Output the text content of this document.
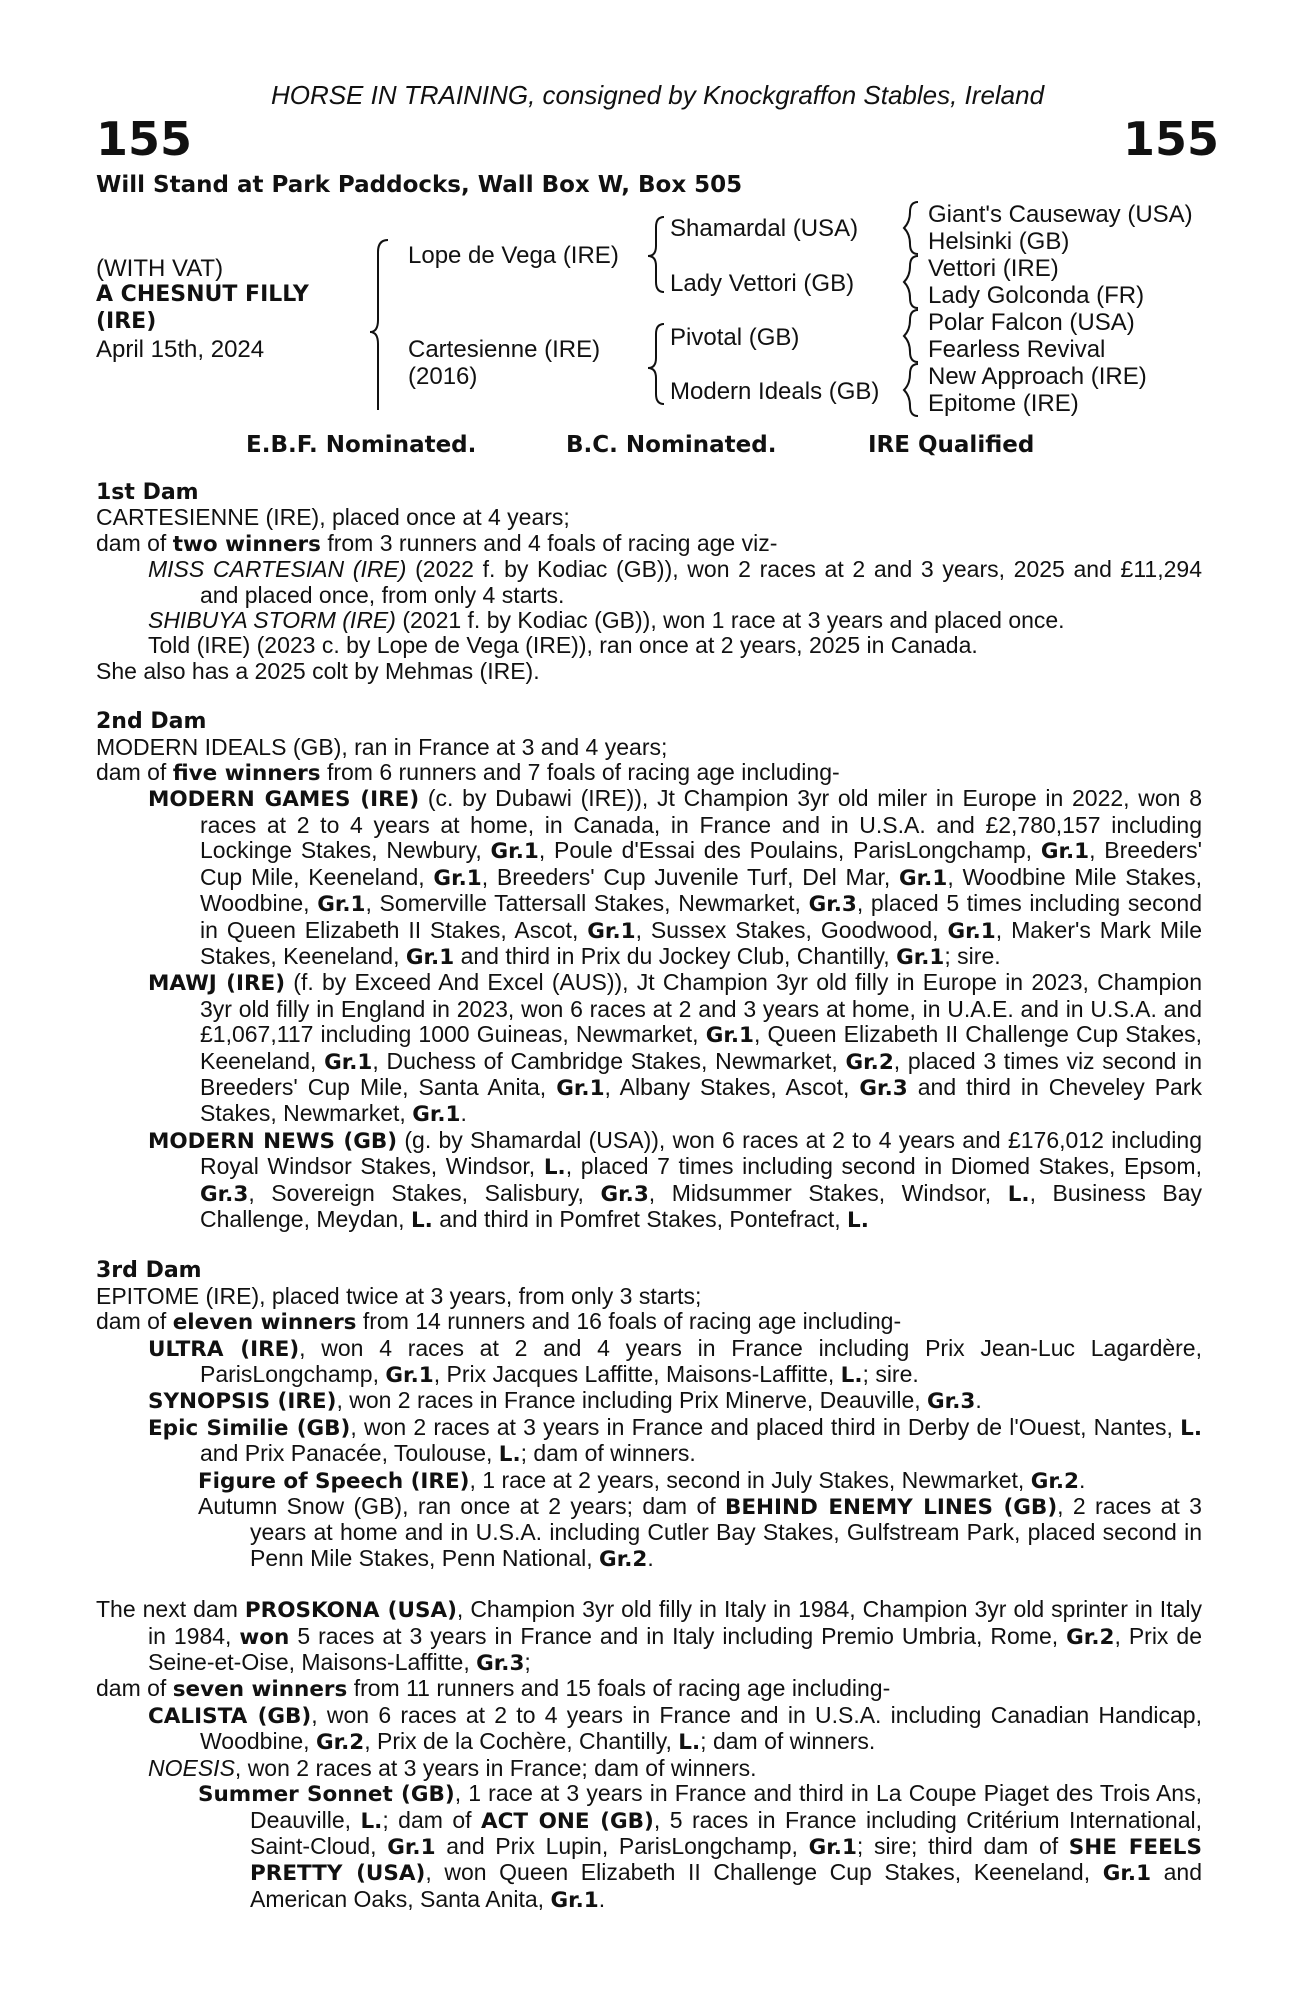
HORSE IN TRAINING, consigned by Knockgraffon Stables, Ireland
155	155
Will Stand at Park Paddocks, Wall Box W, Box 505
(WITH VAT)
A CHESNUT FILLY
(IRE)
April 15th, 2024
Lope de Vega (IRE)
Cartesienne (IRE)
(2016)
Shamardal (USA)
Lady Vettori (GB)
Pivotal (GB)
Modern Ideals (GB)
Giant's Causeway (USA)
Helsinki (GB)
Vettori (IRE)
Lady Golconda (FR)
Polar Falcon (USA)
Fearless Revival
New Approach (IRE)
Epitome (IRE)
E.B.F. Nominated.	B.C. Nominated.	IRE Qualified

1st Dam

CARTESIENNE (IRE), placed once at 4 years;

dam of two winners from 3 runners and 4 foals of racing age viz-

MISS CARTESIAN (IRE) (2022 f. by Kodiac (GB)), won 2 races at 2 and 3 years, 2025 and £11,294 and placed once, from only 4 starts.

SHIBUYA STORM (IRE) (2021 f. by Kodiac (GB)), won 1 race at 3 years and placed once.

Told (IRE) (2023 c. by Lope de Vega (IRE)), ran once at 2 years, 2025 in Canada.

She also has a 2025 colt by Mehmas (IRE).

2nd Dam

MODERN IDEALS (GB), ran in France at 3 and 4 years;

dam of five winners from 6 runners and 7 foals of racing age including-

MODERN GAMES (IRE) (c. by Dubawi (IRE)), Jt Champion 3yr old miler in Europe in 2022, won 8 races at 2 to 4 years at home, in Canada, in France and in U.S.A. and £2,780,157 including Lockinge Stakes, Newbury, Gr.1, Poule d'Essai des Poulains, ParisLongchamp, Gr.1, Breeders' Cup Mile, Keeneland, Gr.1, Breeders' Cup Juvenile Turf, Del Mar, Gr.1, Woodbine Mile Stakes, Woodbine, Gr.1, Somerville Tattersall Stakes, Newmarket, Gr.3, placed 5 times including second in Queen Elizabeth II Stakes, Ascot, Gr.1, Sussex Stakes, Goodwood, Gr.1, Maker's Mark Mile Stakes, Keeneland, Gr.1 and third in Prix du Jockey Club, Chantilly, Gr.1; sire.

MAWJ (IRE) (f. by Exceed And Excel (AUS)), Jt Champion 3yr old filly in Europe in 2023, Champion 3yr old filly in England in 2023, won 6 races at 2 and 3 years at home, in U.A.E. and in U.S.A. and £1,067,117 including 1000 Guineas, Newmarket, Gr.1, Queen Elizabeth II Challenge Cup Stakes, Keeneland, Gr.1, Duchess of Cambridge Stakes, Newmarket, Gr.2, placed 3 times viz second in Breeders' Cup Mile, Santa Anita, Gr.1, Albany Stakes, Ascot, Gr.3 and third in Cheveley Park Stakes, Newmarket, Gr.1.

MODERN NEWS (GB) (g. by Shamardal (USA)), won 6 races at 2 to 4 years and £176,012 including Royal Windsor Stakes, Windsor, L., placed 7 times including second in Diomed Stakes, Epsom, Gr.3, Sovereign Stakes, Salisbury, Gr.3, Midsummer Stakes, Windsor, L., Business Bay Challenge, Meydan, L. and third in Pomfret Stakes, Pontefract, L.

3rd Dam

EPITOME (IRE), placed twice at 3 years, from only 3 starts;

dam of eleven winners from 14 runners and 16 foals of racing age including-

ULTRA (IRE), won 4 races at 2 and 4 years in France including Prix Jean-Luc Lagardère, ParisLongchamp, Gr.1, Prix Jacques Laffitte, Maisons-Laffitte, L.; sire.

SYNOPSIS (IRE), won 2 races in France including Prix Minerve, Deauville, Gr.3.

Epic Similie (GB), won 2 races at 3 years in France and placed third in Derby de l'Ouest, Nantes, L. and Prix Panacée, Toulouse, L.; dam of winners.

Figure of Speech (IRE), 1 race at 2 years, second in July Stakes, Newmarket, Gr.2.

Autumn Snow (GB), ran once at 2 years; dam of BEHIND ENEMY LINES (GB), 2 races at 3 years at home and in U.S.A. including Cutler Bay Stakes, Gulfstream Park, placed second in Penn Mile Stakes, Penn National, Gr.2.

The next dam PROSKONA (USA), Champion 3yr old filly in Italy in 1984, Champion 3yr old sprinter in Italy in 1984, won 5 races at 3 years in France and in Italy including Premio Umbria, Rome, Gr.2, Prix de Seine-et-Oise, Maisons-Laffitte, Gr.3;

dam of seven winners from 11 runners and 15 foals of racing age including-

CALISTA (GB), won 6 races at 2 to 4 years in France and in U.S.A. including Canadian Handicap, Woodbine, Gr.2, Prix de la Cochère, Chantilly, L.; dam of winners.

NOESIS, won 2 races at 3 years in France; dam of winners.

Summer Sonnet (GB), 1 race at 3 years in France and third in La Coupe Piaget des Trois Ans, Deauville, L.; dam of ACT ONE (GB), 5 races in France including Critérium International, Saint-Cloud, Gr.1 and Prix Lupin, ParisLongchamp, Gr.1; sire; third dam of SHE FEELS PRETTY (USA), won Queen Elizabeth II Challenge Cup Stakes, Keeneland, Gr.1 and American Oaks, Santa Anita, Gr.1.
